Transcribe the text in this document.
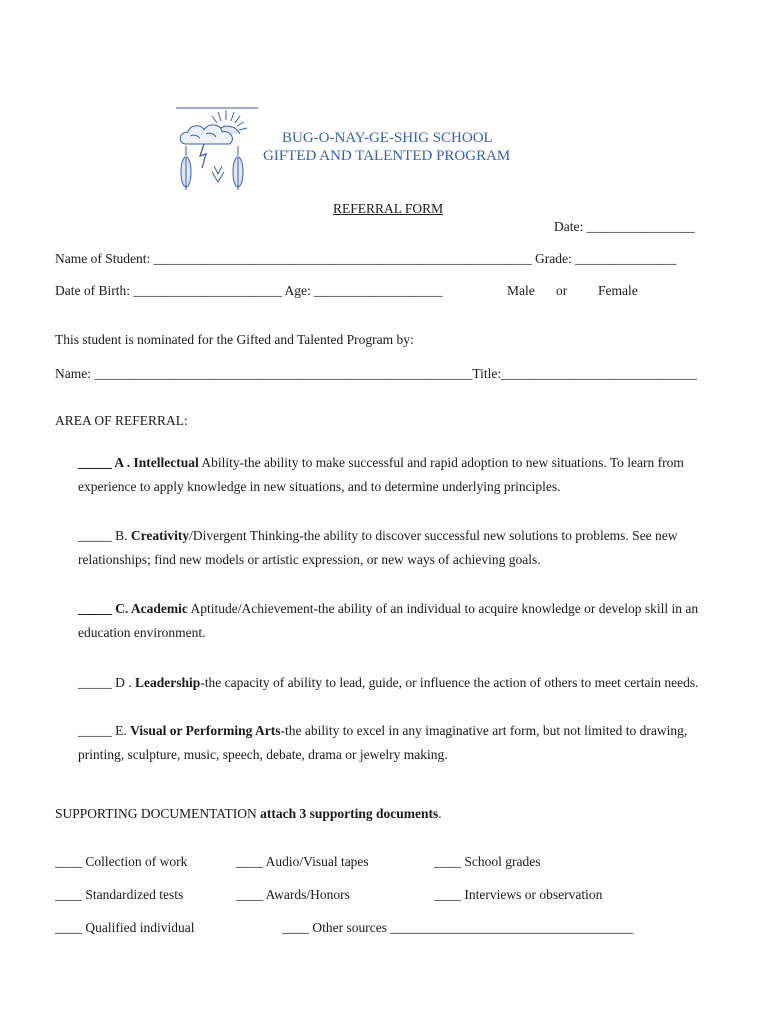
BUG-O-NAY-GE-SHIG SCHOOL
GIFTED AND TALENTED PROGRAM
REFERRAL FORM
Date: ________________
Name of Student: ________________________________________________________ Grade: _______________
Date of Birth: ______________________ Age: ___________________	Male or Female
This student is nominated for the Gifted and Talented Program by:
Name: ________________________________________________________Title:_____________________________
AREA OF REFERRAL:
_____ A . Intellectual Ability-the ability to make successful and rapid adoption to new situations. To learn from experience to apply knowledge in new situations, and to determine underlying principles.
_____ B. Creativity/Divergent Thinking-the ability to discover successful new solutions to problems. See new relationships; find new models or artistic expression, or new ways of achieving goals.
_____ C. Academic Aptitude/Achievement-the ability of an individual to acquire knowledge or develop skill in an education environment.
_____ D . Leadership-the capacity of ability to lead, guide, or influence the action of others to meet certain needs.
_____ E. Visual or Performing Arts-the ability to excel in any imaginative art form, but not limited to drawing, printing, sculpture, music, speech, debate, drama or jewelry making.
SUPPORTING DOCUMENTATION attach 3 supporting documents.
____ Collection of work	____ Audio/Visual tapes	____ School grades
____ Standardized tests	____ Awards/Honors	____ Interviews or observation
____ Qualified individual	____ Other sources ____________________________________
